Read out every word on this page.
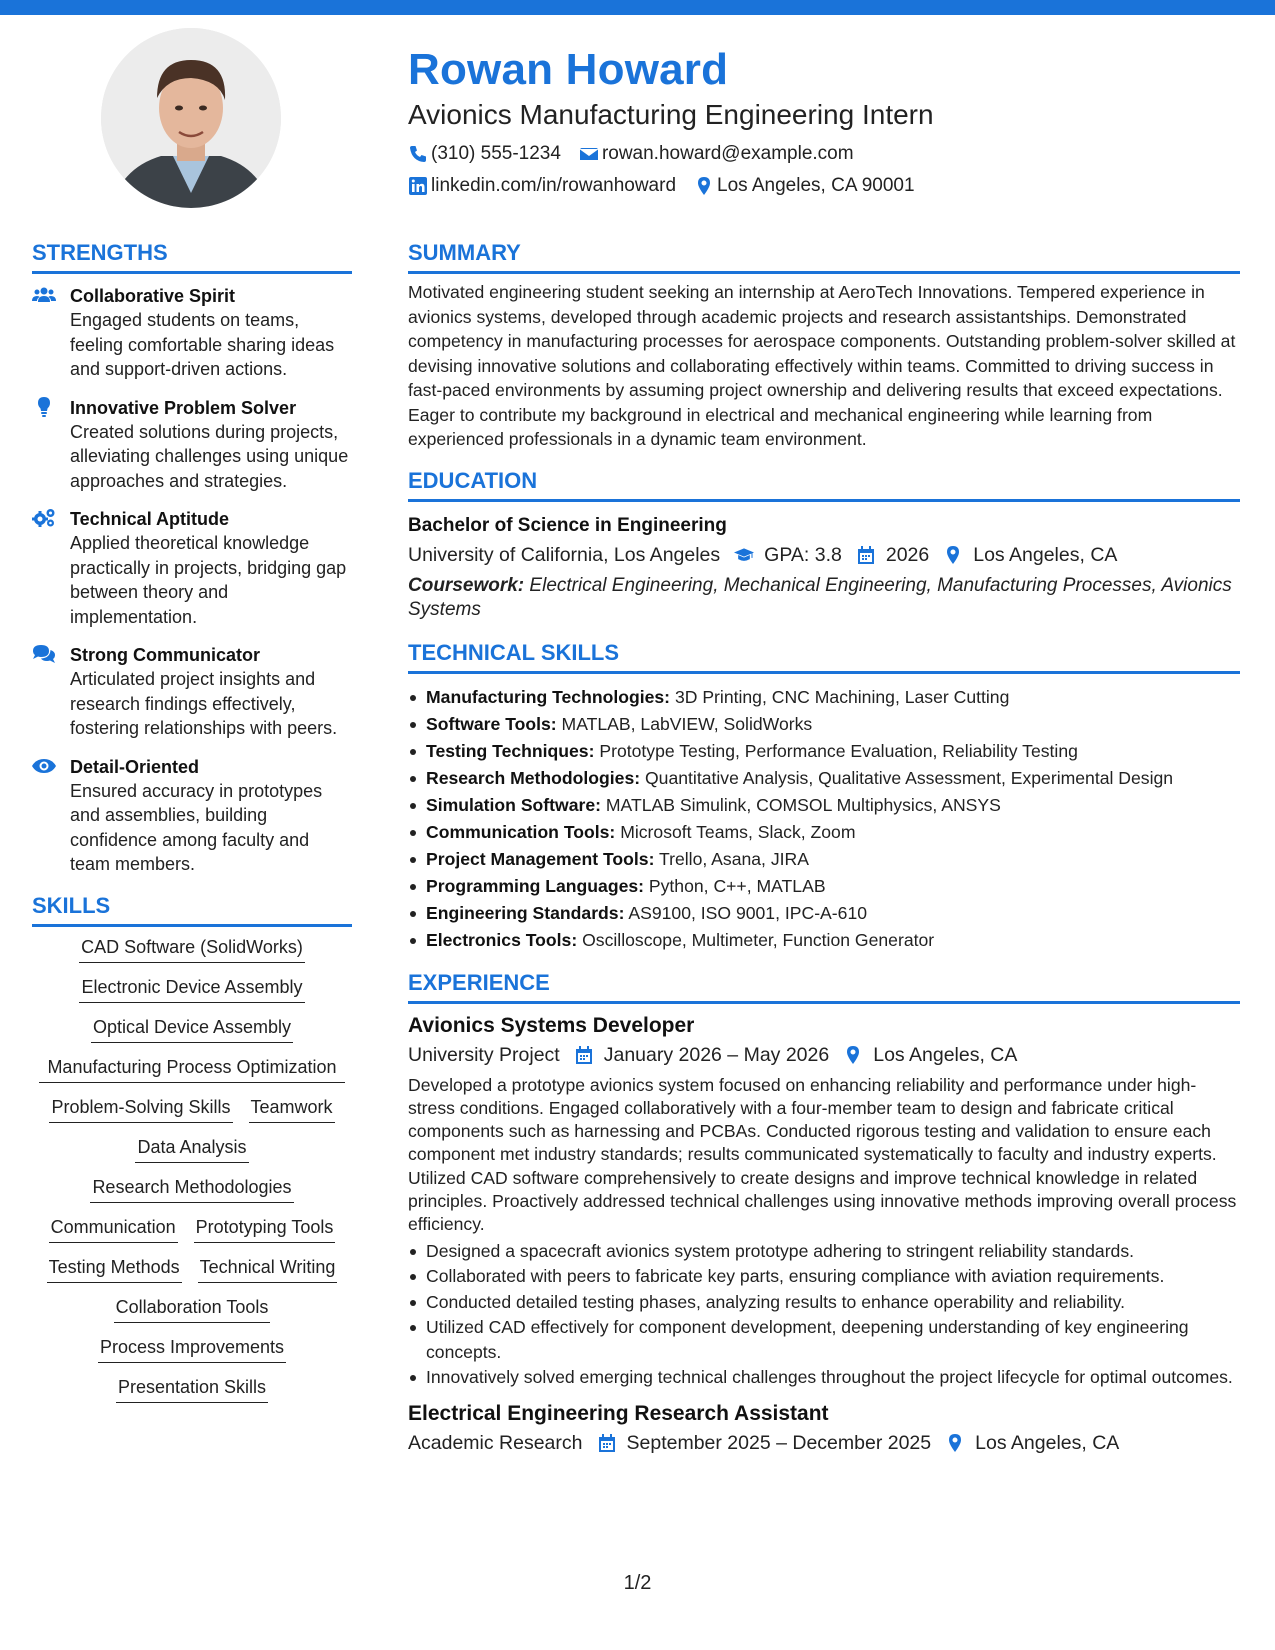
Rowan Howard
Avionics Manufacturing Engineering Intern
(310) 555-1234 rowan.howard@example.com
linkedin.com/in/rowanhoward Los Angeles, CA 90001
STRENGTHS
Collaborative Spirit
Engaged students on teams, feeling comfortable sharing ideas and support-driven actions.
Innovative Problem Solver
Created solutions during projects, alleviating challenges using unique approaches and strategies.
Technical Aptitude
Applied theoretical knowledge practically in projects, bridging gap between theory and implementation.
Strong Communicator
Articulated project insights and research findings effectively, fostering relationships with peers.
Detail-Oriented
Ensured accuracy in prototypes and assemblies, building confidence among faculty and team members.
SKILLS
CAD Software (SolidWorks)
Electronic Device Assembly
Optical Device Assembly
Manufacturing Process Optimization
Problem-Solving Skills Teamwork
Data Analysis
Research Methodologies
Communication Prototyping Tools
Testing Methods Technical Writing
Collaboration Tools
Process Improvements
Presentation Skills
SUMMARY

Motivated engineering student seeking an internship at AeroTech Innovations. Tempered experience in avionics systems, developed through academic projects and research assistantships. Demonstrated competency in manufacturing processes for aerospace components. Outstanding problem-solver skilled at devising innovative solutions and collaborating effectively within teams. Committed to driving success in fast-paced environments by assuming project ownership and delivering results that exceed expectations. Eager to contribute my background in electrical and mechanical engineering while learning from experienced professionals in a dynamic team environment.

EDUCATION
Bachelor of Science in Engineering
University of California, Los Angeles GPA: 3.8 2026 Los Angeles, CA
Coursework: Electrical Engineering, Mechanical Engineering, Manufacturing Processes, Avionics Systems
TECHNICAL SKILLS
Manufacturing Technologies: 3D Printing, CNC Machining, Laser Cutting
Software Tools: MATLAB, LabVIEW, SolidWorks
Testing Techniques: Prototype Testing, Performance Evaluation, Reliability Testing
Research Methodologies: Quantitative Analysis, Qualitative Assessment, Experimental Design
Simulation Software: MATLAB Simulink, COMSOL Multiphysics, ANSYS
Communication Tools: Microsoft Teams, Slack, Zoom
Project Management Tools: Trello, Asana, JIRA
Programming Languages: Python, C++, MATLAB
Engineering Standards: AS9100, ISO 9001, IPC-A-610
Electronics Tools: Oscilloscope, Multimeter, Function Generator
EXPERIENCE
Avionics Systems Developer
University Project January 2026 – May 2026 Los Angeles, CA

Developed a prototype avionics system focused on enhancing reliability and performance under high-stress conditions. Engaged collaboratively with a four-member team to design and fabricate critical components such as harnessing and PCBAs. Conducted rigorous testing and validation to ensure each component met industry standards; results communicated systematically to faculty and industry experts. Utilized CAD software comprehensively to create designs and improve technical knowledge in related principles. Proactively addressed technical challenges using innovative methods improving overall process efficiency.

Designed a spacecraft avionics system prototype adhering to stringent reliability standards.
Collaborated with peers to fabricate key parts, ensuring compliance with aviation requirements.
Conducted detailed testing phases, analyzing results to enhance operability and reliability.
Utilized CAD effectively for component development, deepening understanding of key engineering concepts.
Innovatively solved emerging technical challenges throughout the project lifecycle for optimal outcomes.
Electrical Engineering Research Assistant
Academic Research September 2025 – December 2025 Los Angeles, CA
1/2
